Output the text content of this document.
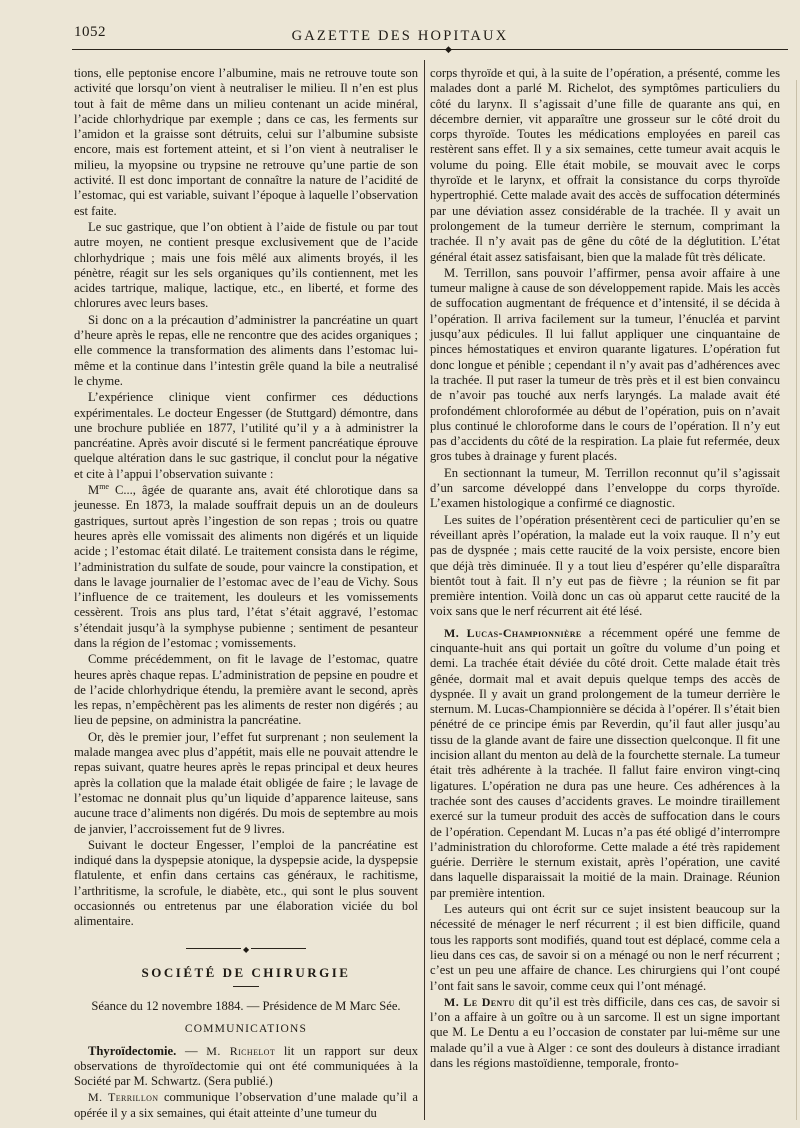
1052	GAZETTE DES HOPITAUX
◆

tions, elle peptonise encore l’albumine, mais ne retrouve toute son activité que lorsqu’on vient à neutraliser le milieu. Il n’en est plus tout à fait de même dans un milieu contenant un acide minéral, l’acide chlorhydrique par exemple ; dans ce cas, les ferments sur l’amidon et la graisse sont détruits, celui sur l’albumine subsiste encore, mais est fortement atteint, et si l’on vient à neutraliser le milieu, la myopsine ou trypsine ne retrouve qu’une partie de son activité. Il est donc important de connaître la nature de l’acidité de l’estomac, qui est variable, suivant l’époque à laquelle l’observation est faite.

Le suc gastrique, que l’on obtient à l’aide de fistule ou par tout autre moyen, ne contient presque exclusivement que de l’acide chlorhydrique ; mais une fois mêlé aux aliments broyés, il les pénètre, réagit sur les sels organiques qu’ils contiennent, met les acides tartrique, malique, lactique, etc., en liberté, et forme des chlorures avec leurs bases.

Si donc on a la précaution d’administrer la pancréatine un quart d’heure après le repas, elle ne rencontre que des acides organiques ; elle commence la transformation des aliments dans l’estomac lui-même et la continue dans l’intestin grêle quand la bile a neutralisé le chyme.

L’expérience clinique vient confirmer ces déductions expérimentales. Le docteur Engesser (de Stuttgard) démontre, dans une brochure publiée en 1877, l’utilité qu’il y a à administrer la pancréatine. Après avoir discuté si le ferment pancréatique éprouve quelque altération dans le suc gastrique, il conclut pour la négative et cite à l’appui l’observation suivante :

$M^{me}$ C..., âgée de quarante ans, avait été chlorotique dans sa jeunesse. En 1873, la malade souffrait depuis un an de douleurs gastriques, surtout après l’ingestion de son repas ; trois ou quatre heures après elle vomissait des aliments non digérés et un liquide acide ; l’estomac était dilaté. Le traitement consista dans le régime, l’administration du sulfate de soude, pour vaincre la constipation, et dans le lavage journalier de l’estomac avec de l’eau de Vichy. Sous l’influence de ce traitement, les douleurs et les vomissements cessèrent. Trois ans plus tard, l’état s’était aggravé, l’estomac s’étendait jusqu’à la symphyse pubienne ; sentiment de pesanteur dans la région de l’estomac ; vomissements.

Comme précédemment, on fit le lavage de l’estomac, quatre heures après chaque repas. L’administration de pepsine en poudre et de l’acide chlorhydrique étendu, la première avant le second, après les repas, n’empêchèrent pas les aliments de rester non digérés ; au lieu de pepsine, on administra la pancréatine.

Or, dès le premier jour, l’effet fut surprenant ; non seulement la malade mangea avec plus d’appétit, mais elle ne pouvait attendre le repas suivant, quatre heures après le repas principal et deux heures après la collation que la malade était obligée de faire ; le lavage de l’estomac ne donnait plus qu’un liquide d’apparence laiteuse, sans aucune trace d’aliments non digérés. Du mois de septembre au mois de janvier, l’accroissement fut de 9 livres.

Suivant le docteur Engesser, l’emploi de la pancréatine est indiqué dans la dyspepsie atonique, la dyspepsie acide, la dyspepsie flatulente, et enfin dans certains cas généraux, le rachitisme, l’arthritisme, la scrofule, le diabète, etc., qui sont le plus souvent occasionnés ou entretenus par une élaboration viciée du bol alimentaire.

◆
SOCIÉTÉ DE CHIRURGIE
Séance du 12 novembre 1884. — Présidence de M Marc Sée.
COMMUNICATIONS

Thyroïdectomie. — M. Richelot lit un rapport sur deux observations de thyroïdectomie qui ont été communiquées à la Société par M. Schwartz. (Sera publié.)

M. Terrillon communique l’observation d’une malade qu’il a opérée il y a six semaines, qui était atteinte d’une tumeur du

corps thyroïde et qui, à la suite de l’opération, a présenté, comme les malades dont a parlé M. Richelot, des symptômes particuliers du côté du larynx. Il s’agissait d’une fille de quarante ans qui, en décembre dernier, vit apparaître une grosseur sur le côté droit du corps thyroïde. Toutes les médications employées en pareil cas restèrent sans effet. Il y a six semaines, cette tumeur avait acquis le volume du poing. Elle était mobile, se mouvait avec le corps thyroïde et le larynx, et offrait la consistance du corps thyroïde hypertrophié. Cette malade avait des accès de suffocation déterminés par une déviation assez considérable de la trachée. Il y avait un prolongement de la tumeur derrière le sternum, comprimant la trachée. Il n’y avait pas de gêne du côté de la déglutition. L’état général était assez satisfaisant, bien que la malade fût très délicate.

M. Terrillon, sans pouvoir l’affirmer, pensa avoir affaire à une tumeur maligne à cause de son développement rapide. Mais les accès de suffocation augmentant de fréquence et d’intensité, il se décida à l’opération. Il arriva facilement sur la tumeur, l’énucléa et parvint jusqu’aux pédicules. Il lui fallut appliquer une cinquantaine de pinces hémostatiques et environ quarante ligatures. L’opération fut donc longue et pénible ; cependant il n’y avait pas d’adhérences avec la trachée. Il put raser la tumeur de très près et il est bien convaincu de n’avoir pas touché aux nerfs laryngés. La malade avait été profondément chloroformée au début de l’opération, puis on n’avait plus continué le chloroforme dans le cours de l’opération. Il n’y eut pas d’accidents du côté de la respiration. La plaie fut refermée, deux gros tubes à drainage y furent placés.

En sectionnant la tumeur, M. Terrillon reconnut qu’il s’agissait d’un sarcome développé dans l’enveloppe du corps thyroïde. L’examen histologique a confirmé ce diagnostic.

Les suites de l’opération présentèrent ceci de particulier qu’en se réveillant après l’opération, la malade eut la voix rauque. Il n’y eut pas de dyspnée ; mais cette raucité de la voix persiste, encore bien que déjà très diminuée. Il y a tout lieu d’espérer qu’elle disparaîtra bientôt tout à fait. Il n’y eut pas de fièvre ; la réunion se fit par première intention. Voilà donc un cas où apparut cette raucité de la voix sans que le nerf récurrent ait été lésé.

M. Lucas-Championnière a récemment opéré une femme de cinquante-huit ans qui portait un goître du volume d’un poing et demi. La trachée était déviée du côté droit. Cette malade était très gênée, dormait mal et avait depuis quelque temps des accès de dyspnée. Il y avait un grand prolongement de la tumeur derrière le sternum. M. Lucas-Championnière se décida à l’opérer. Il s’était bien pénétré de ce principe émis par Reverdin, qu’il faut aller jusqu’au tissu de la glande avant de faire une dissection quelconque. Il fit une incision allant du menton au delà de la fourchette sternale. La tumeur était très adhérente à la trachée. Il fallut faire environ vingt-cinq ligatures. L’opération ne dura pas une heure. Ces adhérences à la trachée sont des causes d’accidents graves. Le moindre tiraillement exercé sur la tumeur produit des accès de suffocation dans le cours de l’opération. Cependant M. Lucas n’a pas été obligé d’interrompre l’administration du chloroforme. Cette malade a été très rapidement guérie. Derrière le sternum existait, après l’opération, une cavité dans laquelle disparaissait la moitié de la main. Drainage. Réunion par première intention.

Les auteurs qui ont écrit sur ce sujet insistent beaucoup sur la nécessité de ménager le nerf récurrent ; il est bien difficile, quand tous les rapports sont modifiés, quand tout est déplacé, comme cela a lieu dans ces cas, de savoir si on a ménagé ou non le nerf récurrent ; c’est un peu une affaire de chance. Les chirurgiens qui l’ont coupé l’ont fait sans le savoir, comme ceux qui l’ont ménagé.

M. Le Dentu dit qu’il est très difficile, dans ces cas, de savoir si l’on a affaire à un goître ou à un sarcome. Il est un signe important que M. Le Dentu a eu l’occasion de constater par lui-même sur une malade qu’il a vue à Alger : ce sont des douleurs à distance irradiant dans les régions mastoïdienne, temporale, fronto-
